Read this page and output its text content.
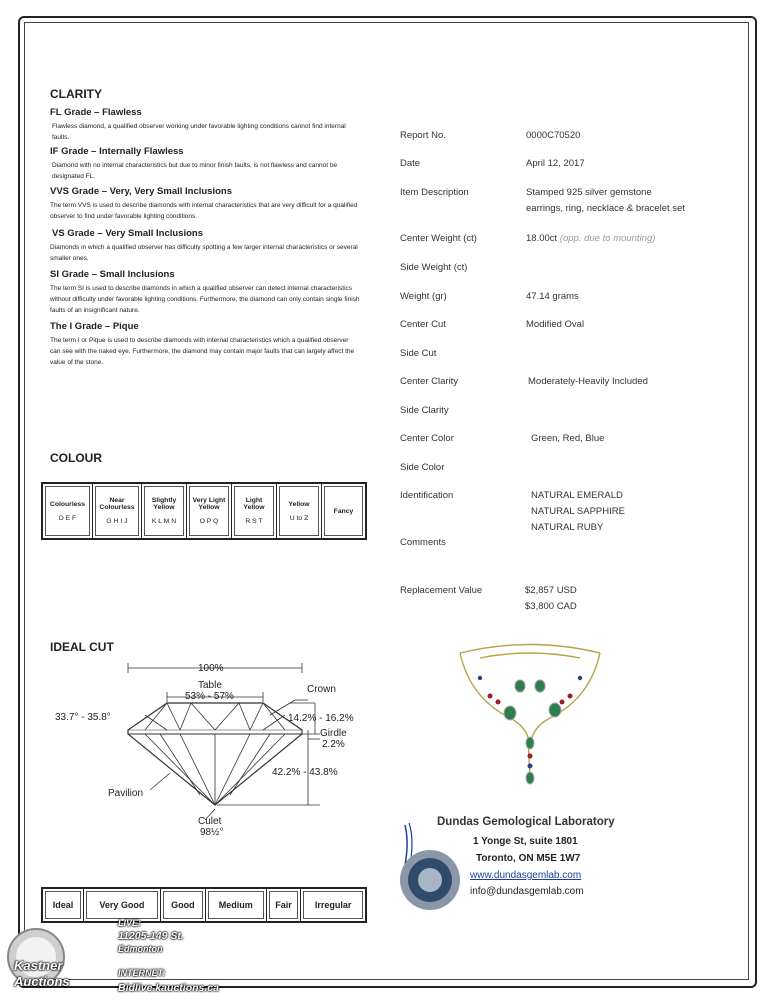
CLARITY
FL Grade – Flawless
Flawless diamond, a qualified observer working under favorable lighting conditions cannot find internal faults.
IF Grade – Internally Flawless
Diamond with no internal characteristics but due to minor finish faults, is not flawless and cannot be designated FL.
VVS Grade – Very, Very Small Inclusions
The term VVS is used to describe diamonds with internal characteristics that are very difficult for a qualified observer to find under favorable lighting conditions.
VS Grade – Very Small Inclusions
Diamonds in which a qualified observer has difficulty spotting a few larger internal characteristics or several smaller ones.
SI Grade – Small Inclusions
The term SI is used to describe diamonds in which a qualified observer can detect internal characteristics without difficulty under favorable lighting conditions. Furthermore, the diamond can only contain single finish faults of an insignificant nature.
The I Grade – Pique
The term I or Pique is used to describe diamonds with internal characteristics which a qualified observer can see with the naked eye. Furthermore, the diamond may contain major faults that can largely affect the value of the stone.
COLOUR
Colourless

D E F

Near Colourless

G H I J

Slightly Yellow

K L M N

Very Light Yellow

O P Q

Light Yellow

R S T

Yellow

U to Z

Fancy
IDEAL CUT
100%
Table
53% - 57%
Crown
33.7° - 35.8°	14.2% - 16.2%
Girdle
2.2%
42.2% - 43.8%
Pavilion
Culet
98½°
Ideal	Very Good	Good	Medium	Fair	Irregular
Report No.	0000C70520
Date	April 12, 2017
Item Description	Stamped 925 silver gemstone
earrings, ring, necklace & bracelet set
Center Weight (ct)	18.00ct (opp. due to mounting)
Side Weight (ct)
Weight (gr)	47.14 grams
Center Cut	Modified Oval
Side Cut
Center Clarity	Moderately-Heavily Included
Side Clarity
Center Color	Green, Red, Blue
Side Color
Identification	NATURAL EMERALD
NATURAL SAPPHIRE
NATURAL RUBY
Comments
Replacement Value	$2,857 USD
$3,800 CAD
Dundas Gemological Laboratory
1 Yonge St, suite 1801
Toronto, ON M5E 1W7
www.dundasgemlab.com
info@dundasgemlab.com
Kastner Auctions
LIVE:
11205-149 St.
Edmonton
INTERNET:
Bidlive.kauctions.ca
